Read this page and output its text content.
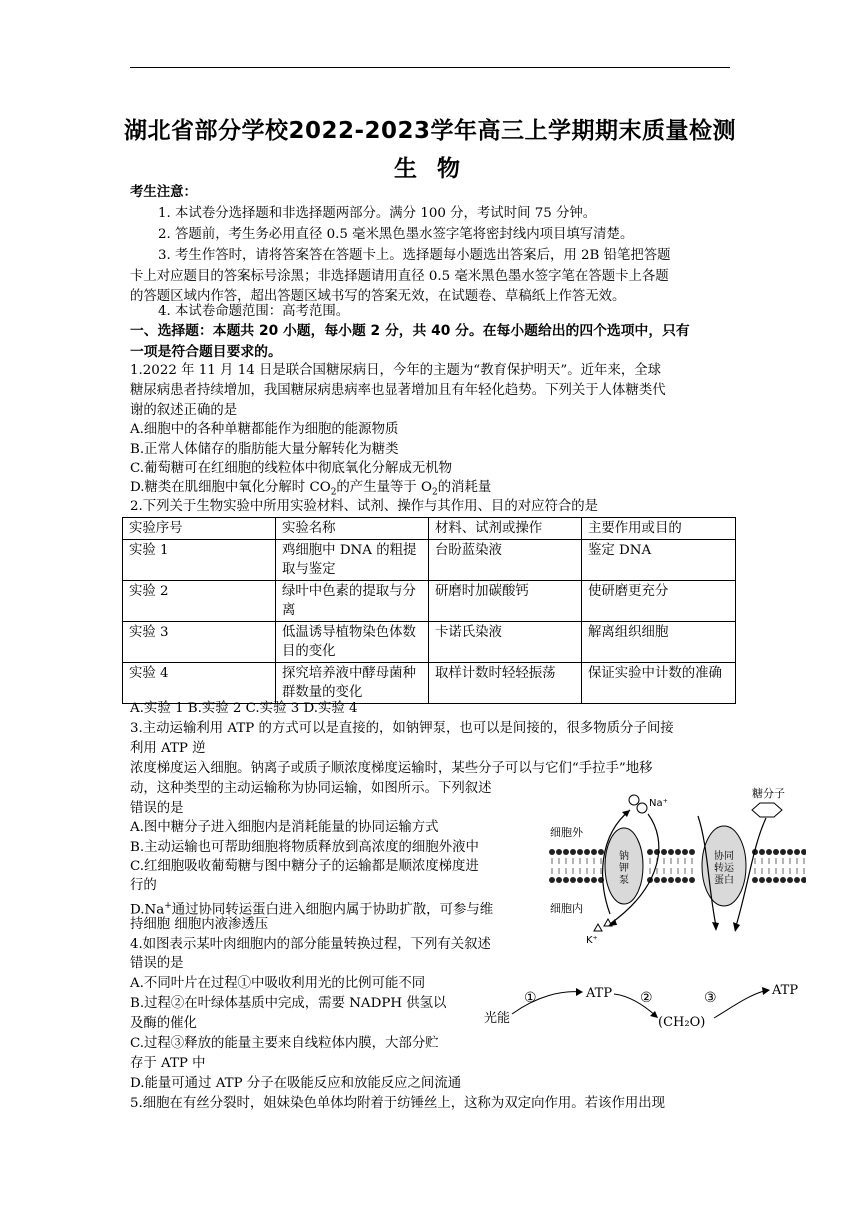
湖北省部分学校2022-2023学年高三上学期期末质量检测
生 物
考生注意：
1. 本试卷分选择题和非选择题两部分。满分 100 分，考试时间 75 分钟。
2. 答题前，考生务必用直径 0.5 毫米黑色墨水签字笔将密封线内项目填写清楚。
3. 考生作答时，请将答案答在答题卡上。选择题每小题选出答案后，用 2B 铅笔把答题
卡上对应题目的答案标号涂黑；非选择题请用直径 0.5 毫米黑色墨水签字笔在答题卡上各题
的答题区域内作答，超出答题区域书写的答案无效，在试题卷、草稿纸上作答无效。
4. 本试卷命题范围：高考范围。
一、选择题：本题共 20 小题，每小题 2 分，共 40 分。在每小题给出的四个选项中，只有
一项是符合题目要求的。
1.2022 年 11 月 14 日是联合国糖尿病日，今年的主题为“教育保护明天”。近年来，全球
糖尿病患者持续增加，我国糖尿病患病率也显著增加且有年轻化趋势。下列关于人体糖类代
谢的叙述正确的是
A.细胞中的各种单糖都能作为细胞的能源物质
B.正常人体储存的脂肪能大量分解转化为糖类
C.葡萄糖可在红细胞的线粒体中彻底氧化分解成无机物
D.糖类在肌细胞中氧化分解时 $CO_2$的产生量等于 $O_2$的消耗量
2.下列关于生物实验中所用实验材料、试剂、操作与其作用、目的对应符合的是
实验序号	实验名称	材料、试剂或操作	主要作用或目的
实验 1	鸡细胞中 DNA 的粗提取与鉴定	台盼蓝染液	鉴定 DNA
实验 2	绿叶中色素的提取与分离	研磨时加碳酸钙	使研磨更充分
实验 3	低温诱导植物染色体数目的变化	卡诺氏染液	解离组织细胞
实验 4	探究培养液中酵母菌种群数量的变化	取样计数时轻轻振荡	保证实验中计数的准确
A.实验 1 B.实验 2 C.实验 3 D.实验 4
3.主动运输利用 ATP 的方式可以是直接的，如钠钾泵，也可以是间接的，很多物质分子间接
利用 ATP 逆
浓度梯度运入细胞。钠离子或质子顺浓度梯度运输时，某些分子可以与它们“手拉手”地移
动，这种类型的主动运输称为协同运输，如图所示。下列叙述
错误的是
A.图中糖分子进入细胞内是消耗能量的协同运输方式
B.主动运输也可帮助细胞将物质释放到高浓度的细胞外液中
C.红细胞吸收葡萄糖与图中糖分子的运输都是顺浓度梯度进
行的
D.Na+通过协同转运蛋白进入细胞内属于协助扩散，可参与维
持细胞 细胞内液渗透压
钠
钾
泵
协同
转运
蛋白
细胞外
细胞内
Na⁺
K⁺
糖分子
4.如图表示某叶肉细胞内的部分能量转换过程，下列有关叙述
错误的是
A.不同叶片在过程①中吸收利用光的比例可能不同
B.过程②在叶绿体基质中完成，需要 NADPH 供氢以
及酶的催化
C.过程③释放的能量主要来自线粒体内膜，大部分贮
存于 ATP 中
D.能量可通过 ATP 分子在吸能反应和放能反应之间流通
光能
①	ATP ②
(CH₂O)
③	ATP
5.细胞在有丝分裂时，姐妹染色单体均附着于纺锤丝上，这称为双定向作用。若该作用出现
